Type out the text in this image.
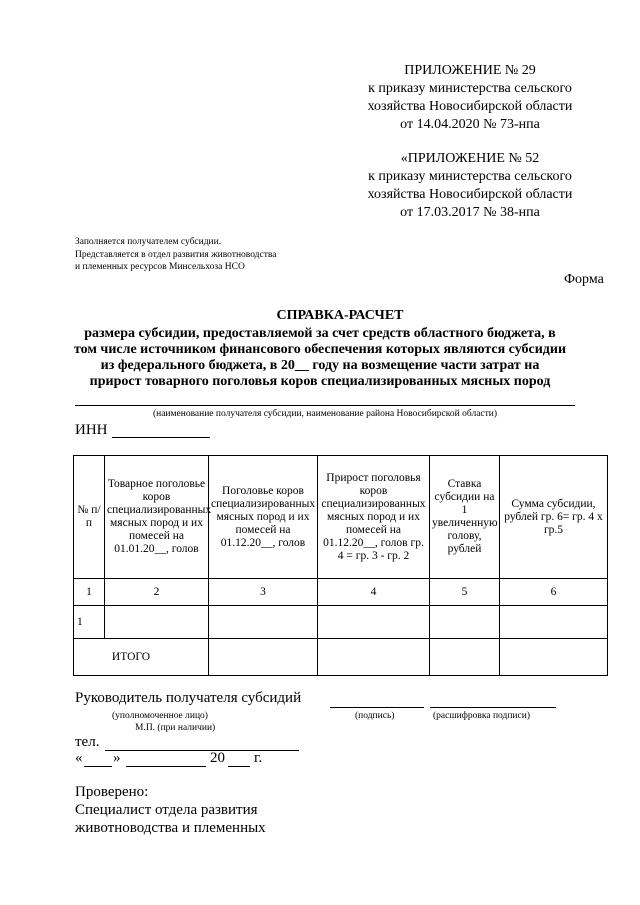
ПРИЛОЖЕНИЕ № 29
к приказу министерства сельского
хозяйства Новосибирской области
от 14.04.2020 № 73-нпа
«ПРИЛОЖЕНИЕ № 52
к приказу министерства сельского
хозяйства Новосибирской области
от 17.03.2017 № 38-нпа
Заполняется получателем субсидии.
Представляется в отдел развития животноводства
и племенных ресурсов Минсельхоза НСО
Форма
СПРАВКА-РАСЧЕТ
размера субсидии, предоставляемой за счет средств областного бюджета, в
том числе источником финансового обеспечения которых являются субсидии
из федерального бюджета, в 20__ году на возмещение части затрат на
прирост товарного поголовья коров специализированных мясных пород
(наименование получателя субсидии, наименование района Новосибирской области)
ИНН
№ п/п	Товарное поголовье коров специализированных мясных пород и их помесей на 01.01.20__, голов	Поголовье коров специализированных мясных пород и их помесей на 01.12.20__, голов	Прирост поголовья коров специализированных мясных пород и их помесей на 01.12.20__, голов гр. 4 = гр. 3 - гр. 2	Ставка субсидии на 1 увеличенную голову, рублей	Сумма субсидии, рублей гр. 6= гр. 4 х гр.5
1	2	3	4	5	6
1					
ИТОГО					
Руководитель получателя субсидий
(уполномоченное лицо)	(подпись)	(расшифровка подписи)
М.П. (при наличии)
тел.
« »	20 г.
Проверено:
Специалист отдела развития
животноводства и племенных
